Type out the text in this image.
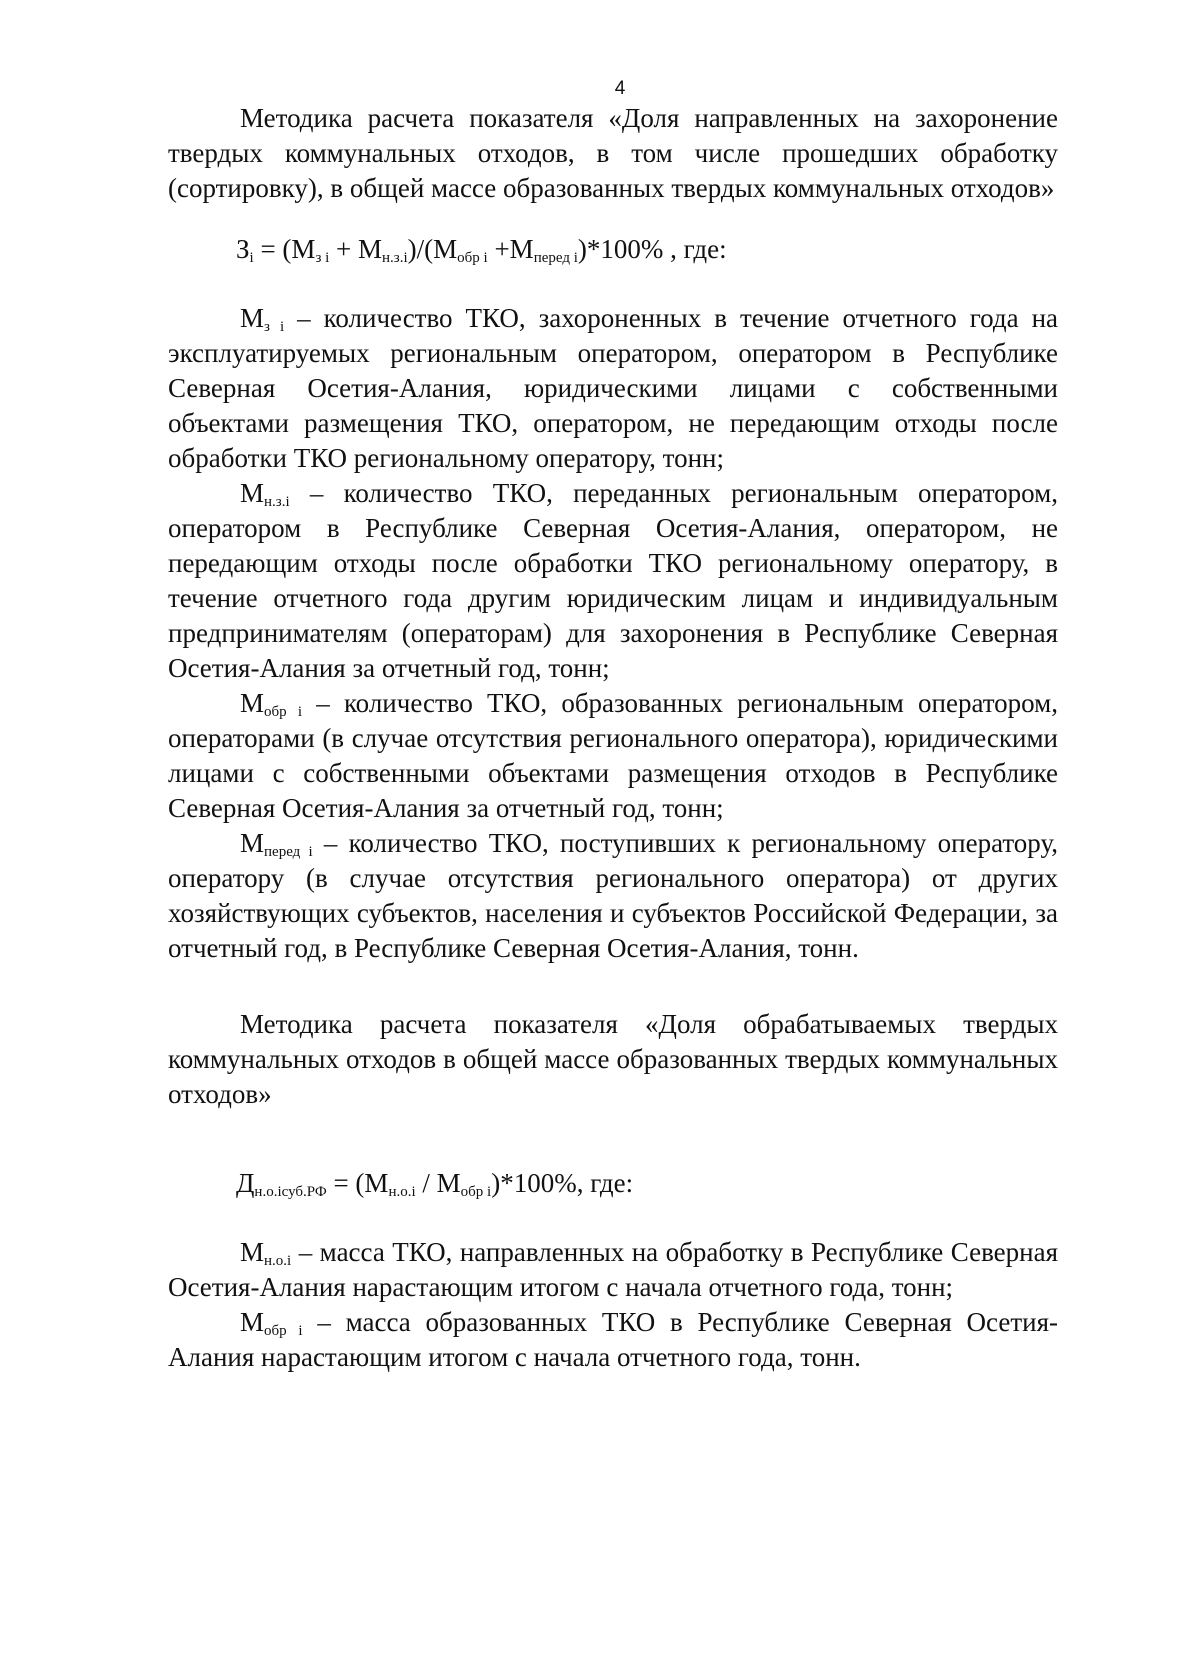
4

Методика расчета показателя «Доля направленных на захоронение твердых коммунальных отходов, в том числе прошедших обработку (сортировку), в общей массе образованных твердых коммунальных отходов»

$З_i = (М_{з i} + М_{н.з.i})/(М_{обр i} +М_{перед i})*100\%$ , где:

$М_{з i}$ – количество ТКО, захороненных в течение отчетного года на эксплуатируемых региональным оператором, оператором в Республике Северная Осетия-Алания, юридическими лицами с собственными объектами размещения ТКО, оператором, не передающим отходы после обработки ТКО региональному оператору, тонн;

$М_{н.з.i}$ – количество ТКО, переданных региональным оператором, оператором в Республике Северная Осетия-Алания, оператором, не передающим отходы после обработки ТКО региональному оператору, в течение отчетного года другим юридическим лицам и индивидуальным предпринимателям (операторам) для захоронения в Республике Северная Осетия-Алания за отчетный год, тонн;

$М_{обр i}$ – количество ТКО, образованных региональным оператором, операторами (в случае отсутствия регионального оператора), юридическими лицами с собственными объектами размещения отходов в Республике Северная Осетия-Алания за отчетный год, тонн;

$М_{перед i}$ – количество ТКО, поступивших к региональному оператору, оператору (в случае отсутствия регионального оператора) от других хозяйствующих субъектов, населения и субъектов Российской Федерации, за отчетный год, в Республике Северная Осетия-Алания, тонн.

Методика расчета показателя «Доля обрабатываемых твердых коммунальных отходов в общей массе образованных твердых коммунальных отходов»

$Д_{н.о.iсуб.РФ} = (М_{н.о.i} / М_{обр i})*100\%$, где:

$М_{н.о.i}$ – масса ТКО, направленных на обработку в Республике Северная Осетия-Алания нарастающим итогом с начала отчетного года, тонн;

$М_{обр i}$ – масса образованных ТКО в Республике Северная Осетия-Алания нарастающим итогом с начала отчетного года, тонн.
